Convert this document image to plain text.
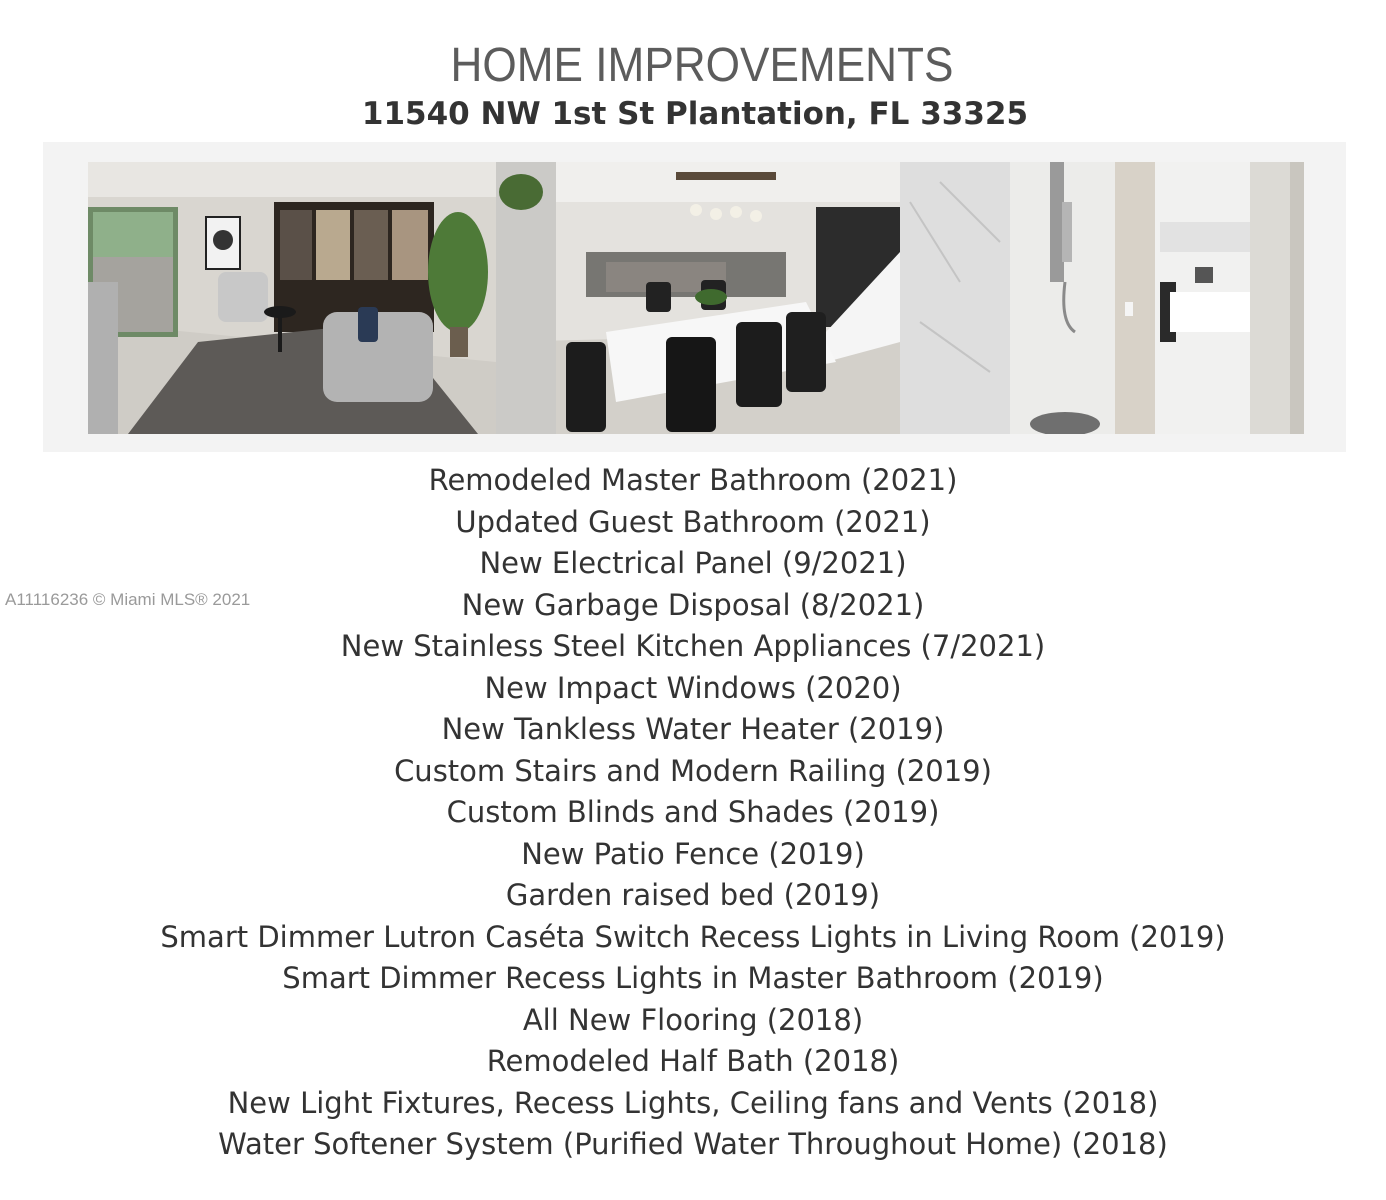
HOME IMPROVEMENTS
11540 NW 1st St Plantation, FL 33325
Remodeled Master Bathroom (2021)
Updated Guest Bathroom (2021)
New Electrical Panel (9/2021)
New Garbage Disposal (8/2021)
New Stainless Steel Kitchen Appliances (7/2021)
New Impact Windows (2020)
New Tankless Water Heater (2019)
Custom Stairs and Modern Railing (2019)
Custom Blinds and Shades (2019)
New Patio Fence (2019)
Garden raised bed (2019)
Smart Dimmer Lutron Caséta Switch Recess Lights in Living Room (2019)
Smart Dimmer Recess Lights in Master Bathroom (2019)
All New Flooring (2018)
Remodeled Half Bath (2018)
New Light Fixtures, Recess Lights, Ceiling fans and Vents (2018)
Water Softener System (Purified Water Throughout Home) (2018)
A11116236 © Miami MLS® 2021
